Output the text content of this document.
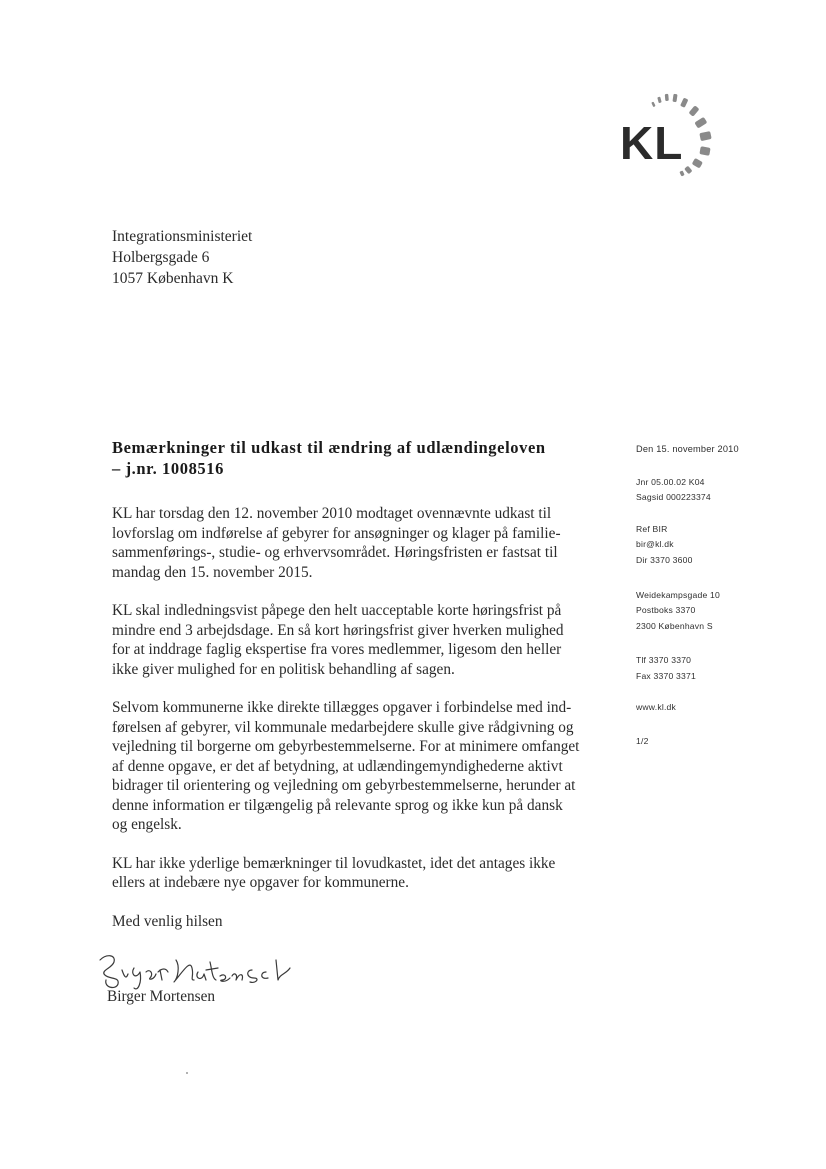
KL
Integrationsministeriet
Holbergsgade 6
1057 København K
Bemærkninger til udkast til ændring af udlændingeloven
– j.nr. 1008516

KL har torsdag den 12. november 2010 modtaget ovennævnte udkast til
lovforslag om indførelse af gebyrer for ansøgninger og klager på familie-
sammenførings-, studie- og erhvervsområdet. Høringsfristen er fastsat til
mandag den 15. november 2015.

KL skal indledningsvist påpege den helt uacceptable korte høringsfrist på
mindre end 3 arbejdsdage. En så kort høringsfrist giver hverken mulighed
for at inddrage faglig ekspertise fra vores medlemmer, ligesom den heller
ikke giver mulighed for en politisk behandling af sagen.

Selvom kommunerne ikke direkte tillægges opgaver i forbindelse med ind-
førelsen af gebyrer, vil kommunale medarbejdere skulle give rådgivning og
vejledning til borgerne om gebyrbestemmelserne. For at minimere omfanget
af denne opgave, er det af betydning, at udlændingemyndighederne aktivt
bidrager til orientering og vejledning om gebyrbestemmelserne, herunder at
denne information er tilgængelig på relevante sprog og ikke kun på dansk
og engelsk.

KL har ikke yderlige bemærkninger til lovudkastet, idet det antages ikke
ellers at indebære nye opgaver for kommunerne.

Med venlig hilsen

Birger Mortensen
Den 15. november 2010
Jnr 05.00.02 K04
Sagsid 000223374
Ref BIR
bir@kl.dk
Dir 3370 3600
Weidekampsgade 10
Postboks 3370
2300 København S
Tlf 3370 3370
Fax 3370 3371
www.kl.dk
1/2
